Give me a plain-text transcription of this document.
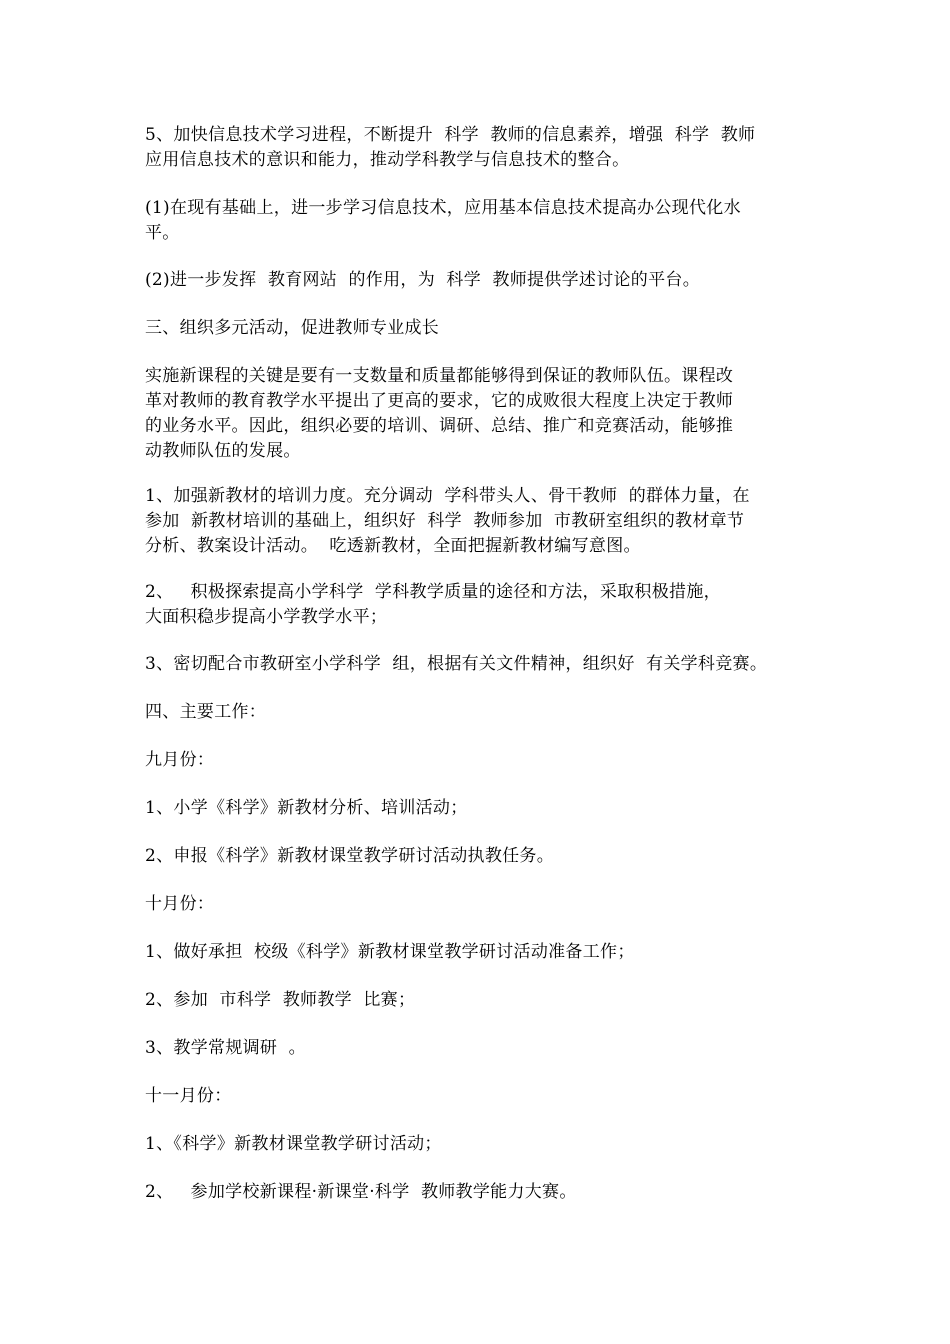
5、加快信息技术学习进程，不断提升  科学  教师的信息素养，增强  科学  教师
应用信息技术的意识和能力，推动学科教学与信息技术的整合。
(1)在现有基础上，进一步学习信息技术，应用基本信息技术提高办公现代化水
平。
(2)进一步发挥  教育网站  的作用，为  科学  教师提供学述讨论的平台。
三、组织多元活动，促进教师专业成长
实施新课程的关键是要有一支数量和质量都能够得到保证的教师队伍。课程改
革对教师的教育教学水平提出了更高的要求，它的成败很大程度上决定于教师
的业务水平。因此，组织必要的培训、调研、总结、推广和竞赛活动，能够推
动教师队伍的发展。
1、加强新教材的培训力度。充分调动  学科带头人、骨干教师  的群体力量，在
参加  新教材培训的基础上，组织好  科学  教师参加  市教研室组织的教材章节
分析、教案设计活动。  吃透新教材，全面把握新教材编写意图。
2、   积极探索提高小学科学  学科教学质量的途径和方法，采取积极措施，
大面积稳步提高小学教学水平；
3、密切配合市教研室小学科学  组，根据有关文件精神，组织好  有关学科竞赛。
四、主要工作：
九月份：
1、小学《科学》新教材分析、培训活动；
2、申报《科学》新教材课堂教学研讨活动执教任务。
十月份：
1、做好承担  校级《科学》新教材课堂教学研讨活动准备工作；
2、参加  市科学  教师教学  比赛；
3、教学常规调研  。
十一月份：
1、《科学》新教材课堂教学研讨活动；
2、   参加学校新课程·新课堂·科学  教师教学能力大赛。
